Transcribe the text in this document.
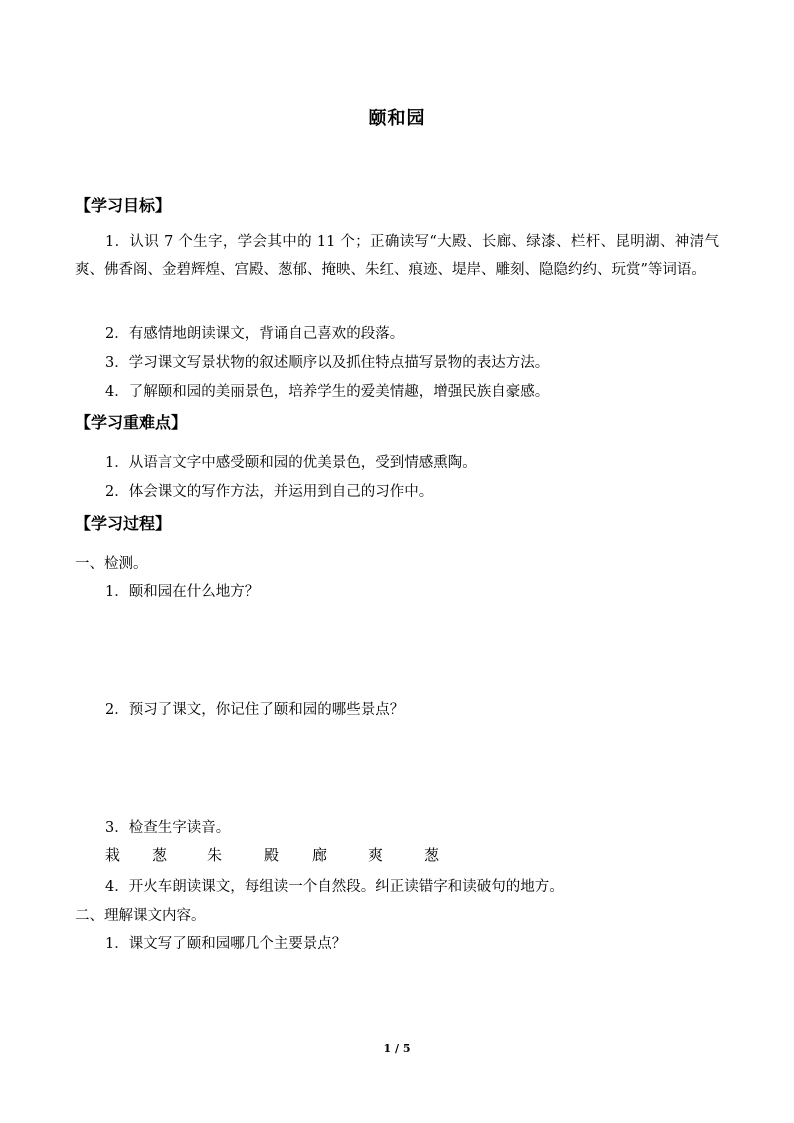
颐和园
【学习目标】
1．认识 7 个生字，学会其中的 11 个；正确读写“大殿、长廊、绿漆、栏杆、昆明湖、神清气爽、佛香阁、金碧辉煌、宫殿、葱郁、掩映、朱红、痕迹、堤岸、雕刻、隐隐约约、玩赏”等词语。
2．有感情地朗读课文，背诵自己喜欢的段落。
3．学习课文写景状物的叙述顺序以及抓住特点描写景物的表达方法。
4．了解颐和园的美丽景色，培养学生的爱美情趣，增强民族自豪感。
【学习重难点】
1．从语言文字中感受颐和园的优美景色，受到情感熏陶。
2．体会课文的写作方法，并运用到自己的习作中。
【学习过程】
一、检测。
1．颐和园在什么地方？
2．预习了课文，你记住了颐和园的哪些景点？
3．检查生字读音。
栽 葱	朱	殿 廊	爽	葱
4．开火车朗读课文，每组读一个自然段。纠正读错字和读破句的地方。
二、理解课文内容。
1．课文写了颐和园哪几个主要景点？
1 / 5
